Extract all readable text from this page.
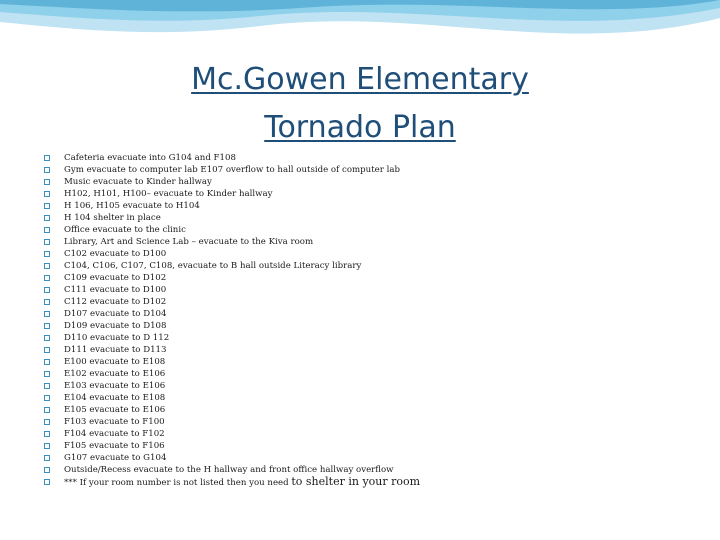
Mc.Gowen Elementary
Tornado Plan
Cafeteria evacuate into G104 and F108
Gym evacuate to computer lab E107 overflow to hall outside of computer lab
Music evacuate to Kinder hallway
H102, H101, H100– evacuate to Kinder hallway
H 106, H105 evacuate to H104
H 104 shelter in place
Office evacuate to the clinic
Library, Art and Science Lab – evacuate to the Kiva room
C102 evacuate to D100
C104, C106, C107, C108, evacuate to B hall outside Literacy library
C109 evacuate to D102
C111 evacuate to D100
C112 evacuate to D102
D107 evacuate to D104
D109 evacuate to D108
D110 evacuate to D 112
D111 evacuate to D113
E100 evacuate to E108
E102 evacuate to E106
E103 evacuate to E106
E104 evacuate to E108
E105 evacuate to E106
F103 evacuate to F100
F104 evacuate to F102
F105 evacuate to F106
G107 evacuate to G104
Outside/Recess evacuate to the H hallway and front office hallway overflow
*** If your room number is not listed then you need to shelter in your room
